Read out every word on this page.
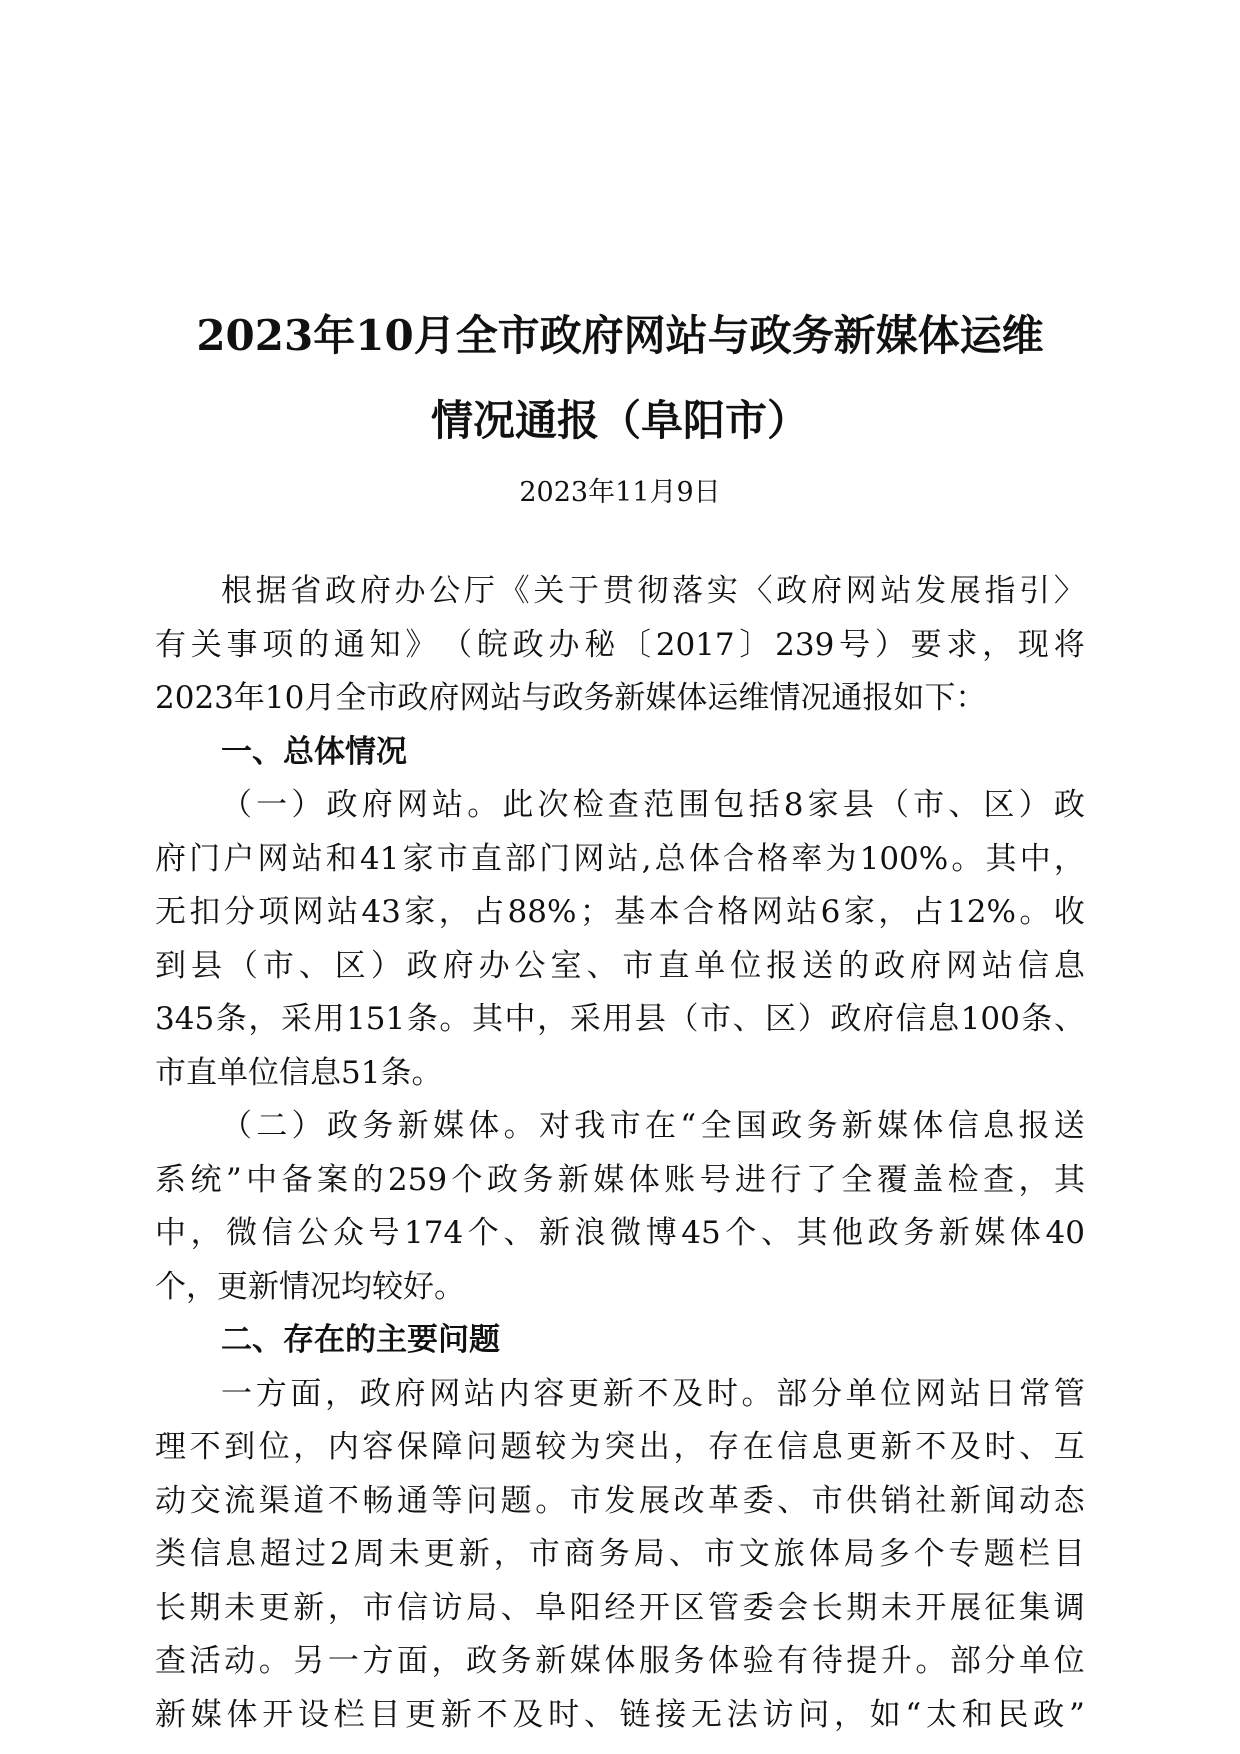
2023年10月全市政府网站与政务新媒体运维
情况通报（阜阳市）
2023年11月9日
根 据 省 政 府 办 公 厅 《 关 于 贯 彻 落 实 〈 政 府 网 站 发 展 指 引 〉
有 关 事 项 的 通 知 》 （ 皖 政 办 秘 〔 2017 〕 239 号 ） 要 求 ， 现 将
2023年10月全市政府网站与政务新媒体运维情况通报如下：
一、总体情况
（ 一 ） 政 府 网 站 。 此 次 检 查 范 围 包 括 8 家 县 （ 市 、 区 ） 政
府 门 户 网 站 和 41 家 市 直 部 门 网 站 , 总 体 合 格 率 为 100% 。 其 中 ，
无 扣 分 项 网 站 43 家 ， 占 88% ； 基 本 合 格 网 站 6 家 ， 占 12% 。 收
到 县 （ 市 、 区 ） 政 府 办 公 室 、 市 直 单 位 报 送 的 政 府 网 站 信 息
345 条 ， 采 用 151 条 。 其 中 ， 采 用 县 （ 市 、 区 ） 政 府 信 息 100 条 、
市直单位信息51条。
（ 二 ） 政 务 新 媒 体 。 对 我 市 在 “ 全 国 政 务 新 媒 体 信 息 报 送
系 统 ” 中 备 案 的 259 个 政 务 新 媒 体 账 号 进 行 了 全 覆 盖 检 查 ， 其
中 ， 微 信 公 众 号 174 个 、 新 浪 微 博 45 个 、 其 他 政 务 新 媒 体 40
个，更新情况均较好。
二、存在的主要问题
一 方 面 ， 政 府 网 站 内 容 更 新 不 及 时 。 部 分 单 位 网 站 日 常 管
理 不 到 位 ， 内 容 保 障 问 题 较 为 突 出 ， 存 在 信 息 更 新 不 及 时 、 互
动 交 流 渠 道 不 畅 通 等 问 题 。 市 发 展 改 革 委 、 市 供 销 社 新 闻 动 态
类 信 息 超 过 2 周 未 更 新 ， 市 商 务 局 、 市 文 旅 体 局 多 个 专 题 栏 目
长 期 未 更 新 ， 市 信 访 局 、 阜 阳 经 开 区 管 委 会 长 期 未 开 展 征 集 调
查 活 动 。 另 一 方 面 ， 政 务 新 媒 体 服 务 体 验 有 待 提 升 。 部 分 单 位
新 媒 体 开 设 栏 目 更 新 不 及 时 、 链 接 无 法 访 问 ， 如 “ 太 和 民 政 ”
